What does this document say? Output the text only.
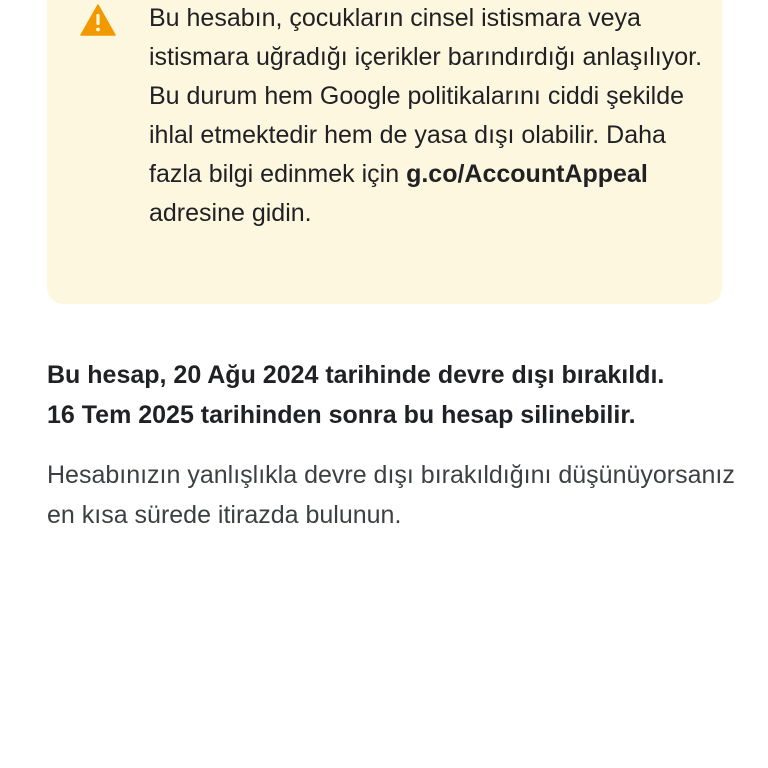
Bu hesabın, çocukların cinsel istismara veya istismara uğradığı içerikler barındırdığı anlaşılıyor. Bu durum hem Google politikalarını ciddi şekilde ihlal etmektedir hem de yasa dışı olabilir. Daha fazla bilgi edinmek için g.co/AccountAppeal adresine gidin.

Bu hesap, 20 Ağu 2024 tarihinde devre dışı bırakıldı.
16 Tem 2025 tarihinden sonra bu hesap silinebilir.

Hesabınızın yanlışlıkla devre dışı bırakıldığını düşünüyorsanız en kısa sürede itirazda bulunun.
